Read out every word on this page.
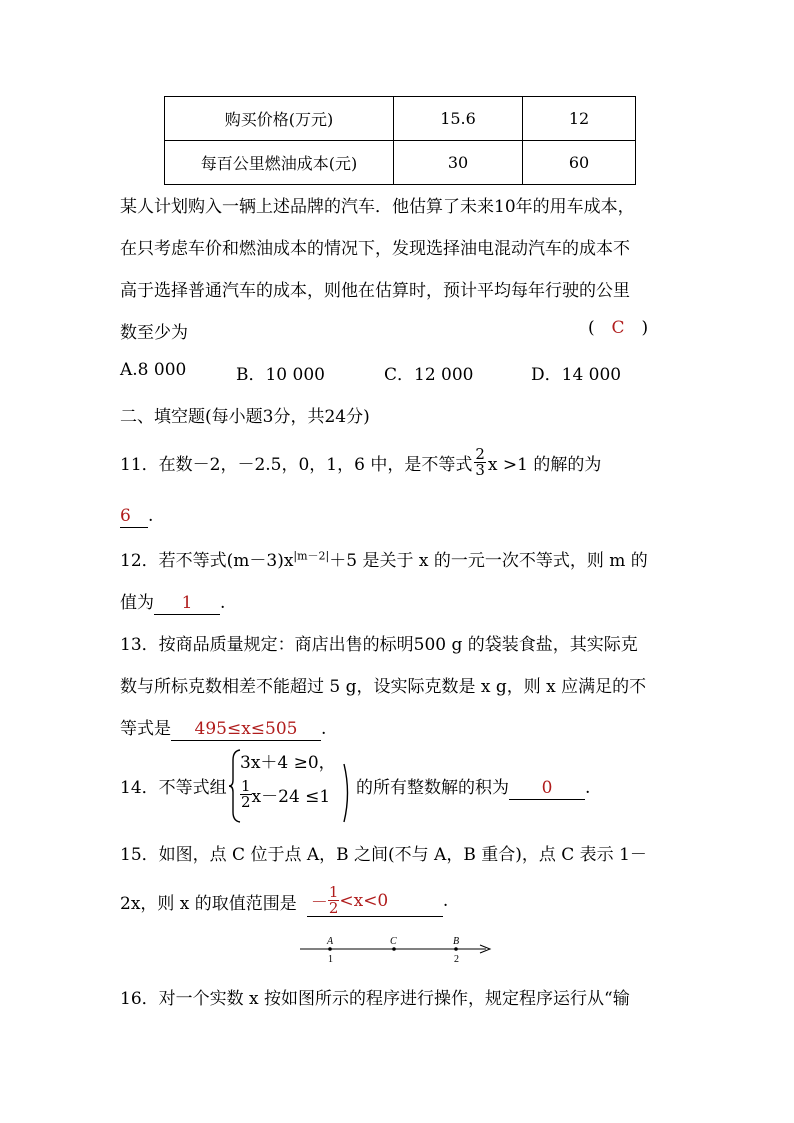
购买价格(万元)	15.6	12
每百公里燃油成本(元)	30	60
某人计划购入一辆上述品牌的汽车．他估算了未来10年的用车成本，
在只考虑车价和燃油成本的情况下，发现选择油电混动汽车的成本不
高于选择普通汽车的成本，则他在估算时，预计平均每年行驶的公里
数至少为	( C )
A.8 000	B．10 000	C．12 000	D．14 000
二、填空题(每小题3分，共24分)
11．在数－2，－2.5，0，1，6 中，是不等式 $\frac{2}{3}$ x >1 的解的为
6 .
12．若不等式$(m-3)x^{|m-2|}+5$ 是关于 x 的一元一次不等式，则 m 的
值为 1 .
13．按商品质量规定：商店出售的标明500 g 的袋装食盐，其实际克
数与所标克数相差不能超过 5 g，设实际克数是 x g，则 x 应满足的不
等式是 495≤x≤505 .
14．不等式组
3x＋4 ≥0，
$\frac{1}{2} x-24 \le 1$ 的所有整数解的积为 0 .
15．如图，点 C 位于点 A，B 之间(不与 A，B 重合)，点 C 表示 1－
2x，则 x 的取值范围是 － $\frac{1}{2} <x<0$	.
A	C	B
1	2
16．对一个实数 x 按如图所示的程序进行操作，规定程序运行从“输
